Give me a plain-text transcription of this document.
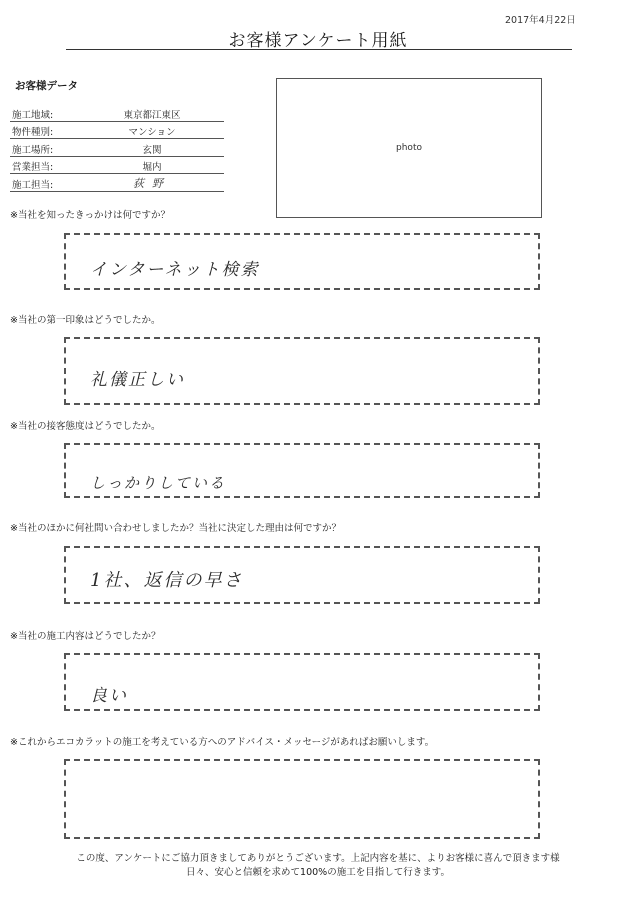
2017年4月22日
お客様アンケート用紙
お客様データ
施工地域:	東京都江東区
物件種別:	マンション
施工場所:	玄関
営業担当:	堀内
施工担当:	荻野
photo
※当社を知ったきっかけは何ですか？
インターネット検索
※当社の第一印象はどうでしたか。
礼儀正しい
※当社の接客態度はどうでしたか。
しっかりしている
※当社のほかに何社問い合わせしましたか？当社に決定した理由は何ですか？
1社、返信の早さ
※当社の施工内容はどうでしたか？
良い
※これからエコカラットの施工を考えている方へのアドバイス・メッセージがあればお願いします。
この度、アンケートにご協力頂きましてありがとうございます。上記内容を基に、よりお客様に喜んで頂きます様
日々、安心と信頼を求めて100%の施工を目指して行きます。
